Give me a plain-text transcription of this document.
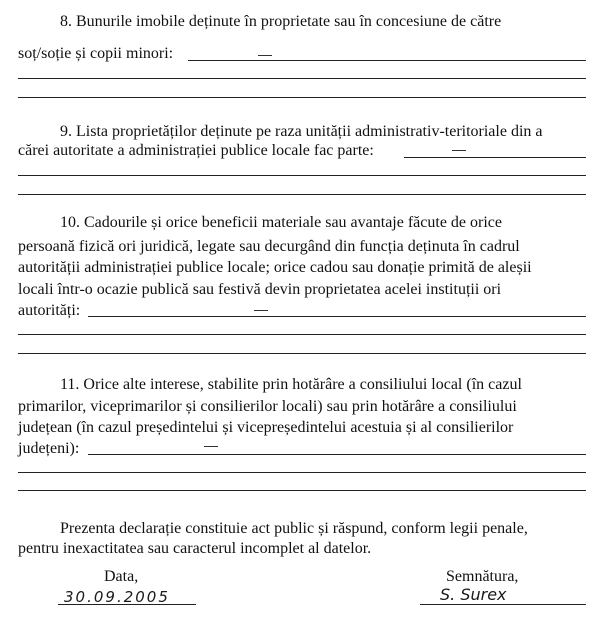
8. Bunurile imobile deținute în proprietate sau în concesiune de către
soț/soție și copii minori:
9. Lista proprietăților deținute pe raza unității administrativ-teritoriale din a
cărei autoritate a administrației publice locale fac parte:
10. Cadourile și orice beneficii materiale sau avantaje făcute de orice
persoană fizică ori juridică, legate sau decurgând din funcția deținuta în cadrul
autorității administrației publice locale; orice cadou sau donație primită de aleșii
locali într-o ocazie publică sau festivă devin proprietatea acelei instituții ori
autorități:
11. Orice alte interese, stabilite prin hotărâre a consiliului local (în cazul
primarilor, viceprimarilor și consilierilor locali) sau prin hotărâre a consiliului
județean (în cazul președintelui și vicepreședintelui acestuia și al consilierilor
județeni):
Prezenta declarație constituie act public și răspund, conform legii penale,
pentru inexactitatea sau caracterul incomplet al datelor.
Data,
30.09.2005
Semnătura,
S. Surex
